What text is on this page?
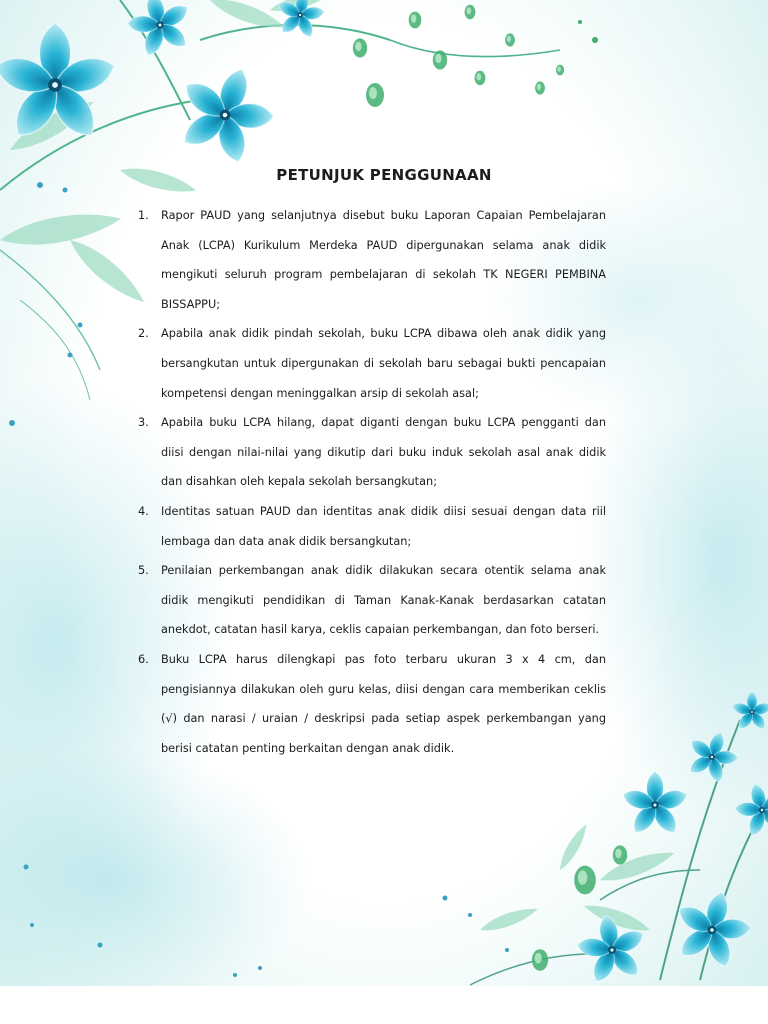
PETUNJUK PENGGUNAAN
1. Rapor PAUD yang selanjutnya disebut buku Laporan Capaian Pembelajaran Anak (LCPA) Kurikulum Merdeka PAUD dipergunakan selama anak didik mengikuti seluruh program pembelajaran di sekolah TK NEGERI PEMBINA BISSAPPU;
2. Apabila anak didik pindah sekolah, buku LCPA dibawa oleh anak didik yang bersangkutan untuk dipergunakan di sekolah baru sebagai bukti pencapaian kompetensi dengan meninggalkan arsip di sekolah asal;
3. Apabila buku LCPA hilang, dapat diganti dengan buku LCPA pengganti dan diisi dengan nilai-nilai yang dikutip dari buku induk sekolah asal anak didik dan disahkan oleh kepala sekolah bersangkutan;
4. Identitas satuan PAUD dan identitas anak didik diisi sesuai dengan data riil lembaga dan data anak didik bersangkutan;
5. Penilaian perkembangan anak didik dilakukan secara otentik selama anak didik mengikuti pendidikan di Taman Kanak-Kanak berdasarkan catatan anekdot, catatan hasil karya, ceklis capaian perkembangan, dan foto berseri.
6. Buku LCPA harus dilengkapi pas foto terbaru ukuran 3 x 4 cm, dan pengisiannya dilakukan oleh guru kelas, diisi dengan cara memberikan ceklis (√) dan narasi / uraian / deskripsi pada setiap aspek perkembangan yang berisi catatan penting berkaitan dengan anak didik.
